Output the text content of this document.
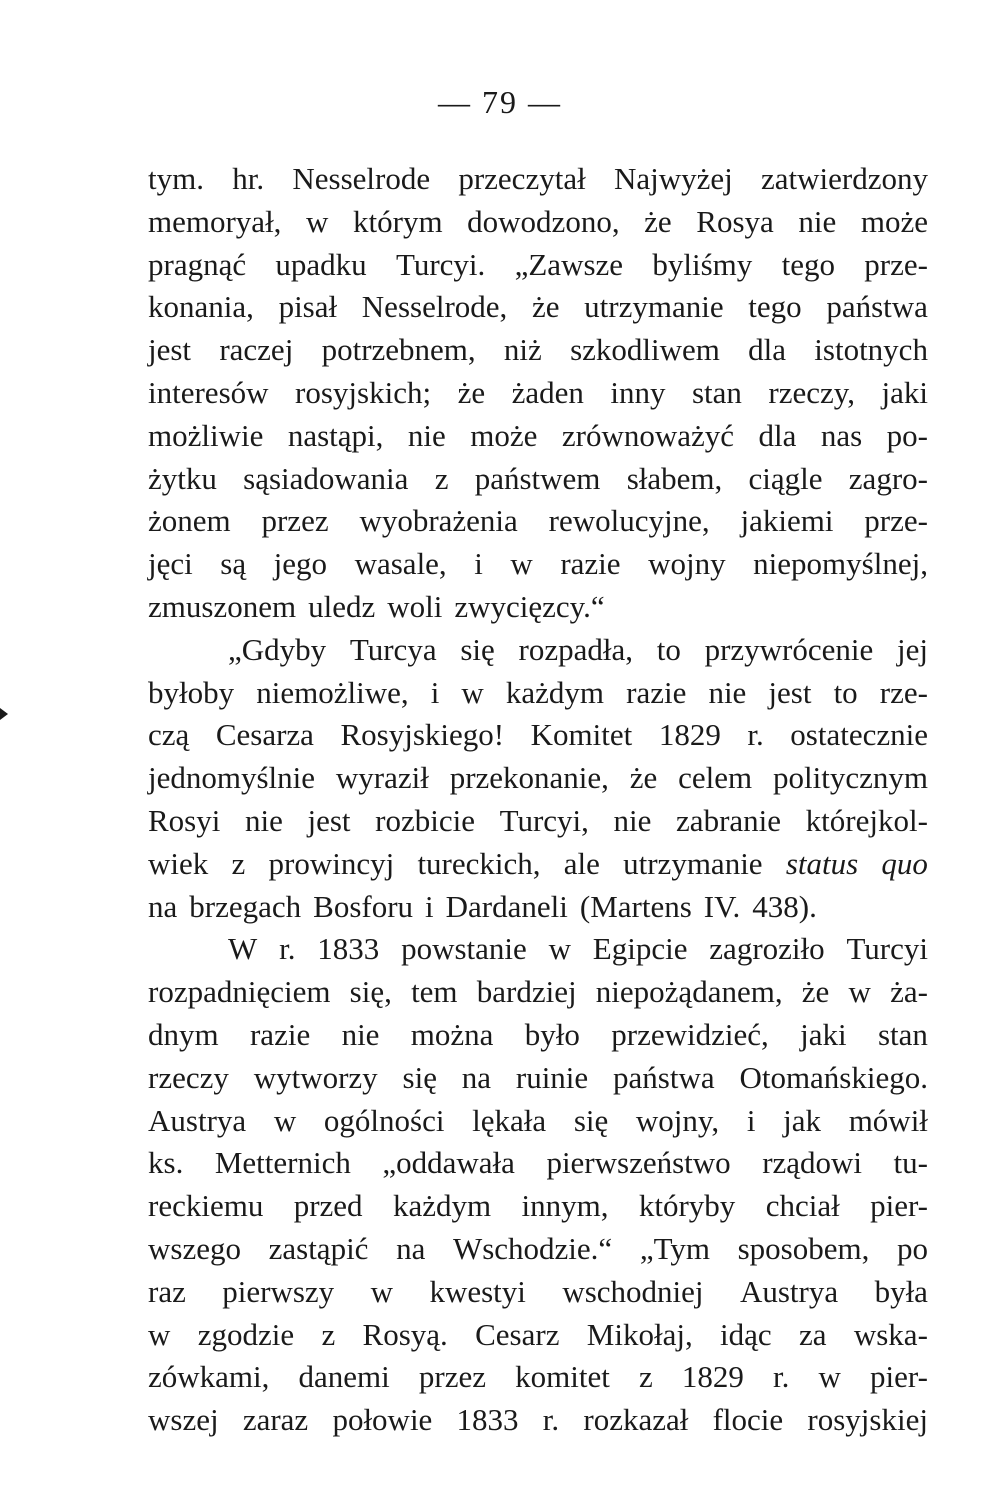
— 79 —
tym. hr. Nesselrode przeczytał Najwyżej zatwierdzony
memoryał, w którym dowodzono, że Rosya nie może
pragnąć upadku Turcyi. „Zawsze byliśmy tego prze-
konania, pisał Nesselrode, że utrzymanie tego państwa
jest raczej potrzebnem, niż szkodliwem dla istotnych
interesów rosyjskich; że żaden inny stan rzeczy, jaki
możliwie nastąpi, nie może zrównoważyć dla nas po-
żytku sąsiadowania z państwem słabem, ciągle zagro-
żonem przez wyobrażenia rewolucyjne, jakiemi prze-
jęci są jego wasale, i w razie wojny niepomyślnej,
zmuszonem uledz woli zwycięzcy.“
„Gdyby Turcya się rozpadła, to przywrócenie jej
byłoby niemożliwe, i w każdym razie nie jest to rze-
czą Cesarza Rosyjskiego! Komitet 1829 r. ostatecznie
jednomyślnie wyraził przekonanie, że celem politycznym
Rosyi nie jest rozbicie Turcyi, nie zabranie którejkol-
wiek z prowincyj tureckich, ale utrzymanie status quo
na brzegach Bosforu i Dardaneli (Martens IV. 438).
W r. 1833 powstanie w Egipcie zagroziło Turcyi
rozpadnięciem się, tem bardziej niepożądanem, że w ża-
dnym razie nie można było przewidzieć, jaki stan
rzeczy wytworzy się na ruinie państwa Otomańskiego.
Austrya w ogólności lękała się wojny, i jak mówił
ks. Metternich „oddawała pierwszeństwo rządowi tu-
reckiemu przed każdym innym, któryby chciał pier-
wszego zastąpić na Wschodzie.“ „Tym sposobem, po
raz pierwszy w kwestyi wschodniej Austrya była
w zgodzie z Rosyą. Cesarz Mikołaj, idąc za wska-
zówkami, danemi przez komitet z 1829 r. w pier-
wszej zaraz połowie 1833 r. rozkazał flocie rosyjskiej
